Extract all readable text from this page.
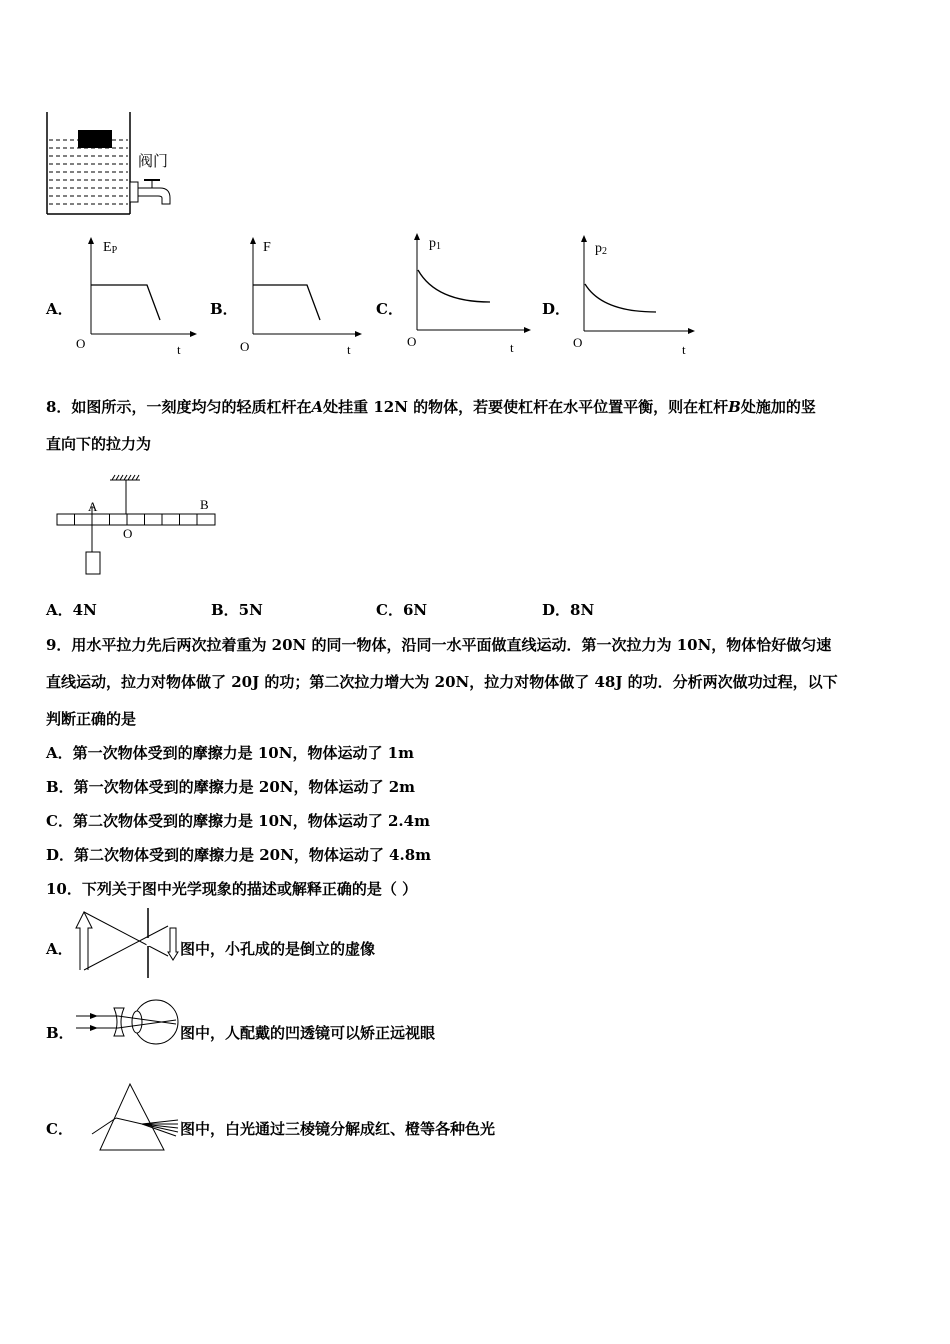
阀门
A．
EP
O	t
B．
F
O	t
C．
p1
O	t
D．
p2
O	t
8．如图所示，一刻度均匀的轻质杠杆在A处挂重 12N 的物体，若要使杠杆在水平位置平衡，则在杠杆B处施加的竖
直向下的拉力为
A
O
B
A．4N	B．5N	C．6N	D．8N
9．用水平拉力先后两次拉着重为 20N 的同一物体，沿同一水平面做直线运动．第一次拉力为 10N，物体恰好做匀速
直线运动，拉力对物体做了 20J 的功；第二次拉力增大为 20N，拉力对物体做了 48J 的功．分析两次做功过程，以下
判断正确的是
A．第一次物体受到的摩擦力是 10N，物体运动了 1m
B．第一次物体受到的摩擦力是 20N，物体运动了 2m
C．第二次物体受到的摩擦力是 10N，物体运动了 2.4m
D．第二次物体受到的摩擦力是 20N，物体运动了 4.8m
10．下列关于图中光学现象的描述或解释正确的是（ ）
A．	图中，小孔成的是倒立的虚像
B．	图中，人配戴的凹透镜可以矫正远视眼
C．	图中，白光通过三棱镜分解成红、橙等各种色光
